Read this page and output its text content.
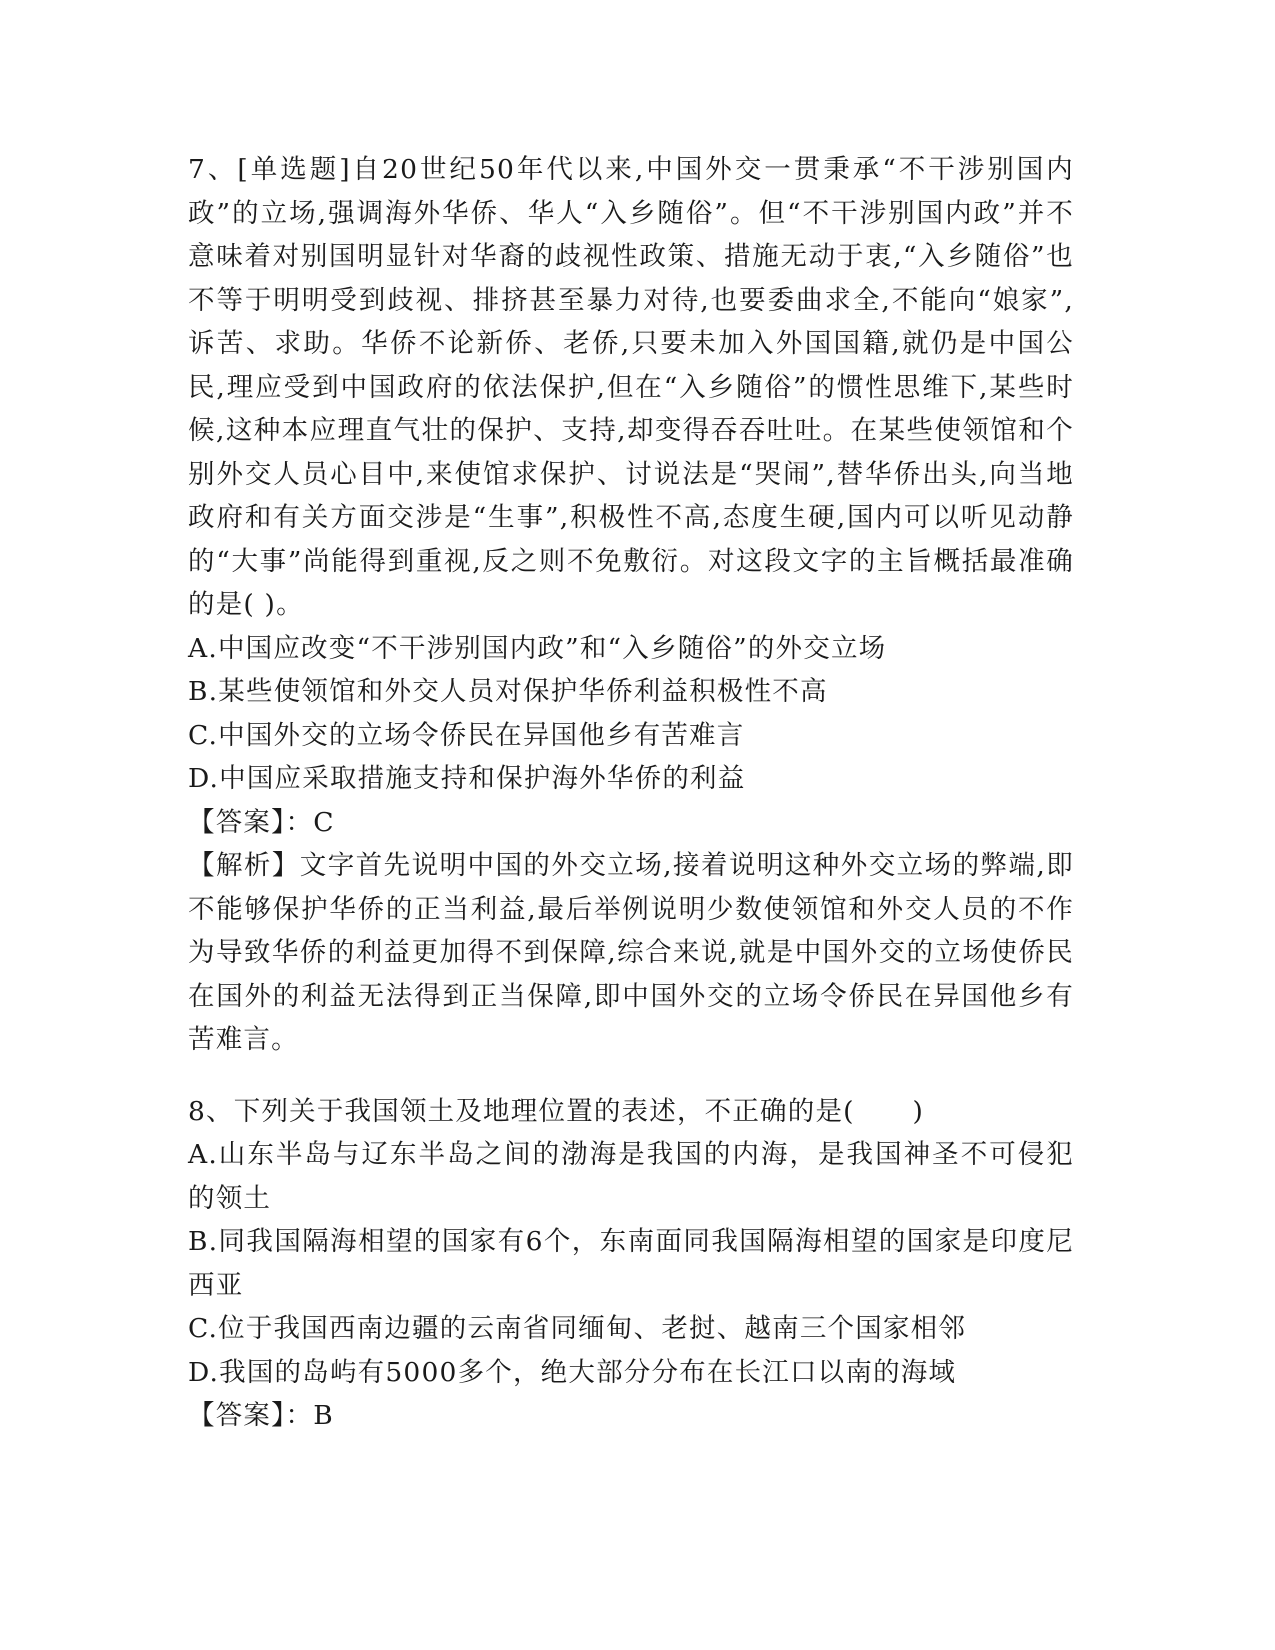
7、[单选题]自20世纪50年代以来,中国外交一贯秉承“不干涉别国内政”的立场,强调海外华侨、华人“入乡随俗”。但“不干涉别国内政”并不意味着对别国明显针对华裔的歧视性政策、措施无动于衷,“入乡随俗”也不等于明明受到歧视、排挤甚至暴力对待,也要委曲求全,不能向“娘家”,诉苦、求助。华侨不论新侨、老侨,只要未加入外国国籍,就仍是中国公民,理应受到中国政府的依法保护,但在“入乡随俗”的惯性思维下,某些时候,这种本应理直气壮的保护、支持,却变得吞吞吐吐。在某些使领馆和个别外交人员心目中,来使馆求保护、讨说法是“哭闹”,替华侨出头,向当地政府和有关方面交涉是“生事”,积极性不高,态度生硬,国内可以听见动静的“大事”尚能得到重视,反之则不免敷衍。对这段文字的主旨概括最准确的是( )。

A.中国应改变“不干涉别国内政”和“入乡随俗”的外交立场

B.某些使领馆和外交人员对保护华侨利益积极性不高

C.中国外交的立场令侨民在异国他乡有苦难言

D.中国应采取措施支持和保护海外华侨的利益

【答案】：C

【解析】文字首先说明中国的外交立场,接着说明这种外交立场的弊端,即不能够保护华侨的正当利益,最后举例说明少数使领馆和外交人员的不作为导致华侨的利益更加得不到保障,综合来说,就是中国外交的立场使侨民在国外的利益无法得到正当保障,即中国外交的立场令侨民在异国他乡有苦难言。

8、下列关于我国领土及地理位置的表述，不正确的是(      )

A.山东半岛与辽东半岛之间的渤海是我国的内海，是我国神圣不可侵犯的领土

B.同我国隔海相望的国家有6个，东南面同我国隔海相望的国家是印度尼西亚

C.位于我国西南边疆的云南省同缅甸、老挝、越南三个国家相邻

D.我国的岛屿有5000多个，绝大部分分布在长江口以南的海域

【答案】：B
